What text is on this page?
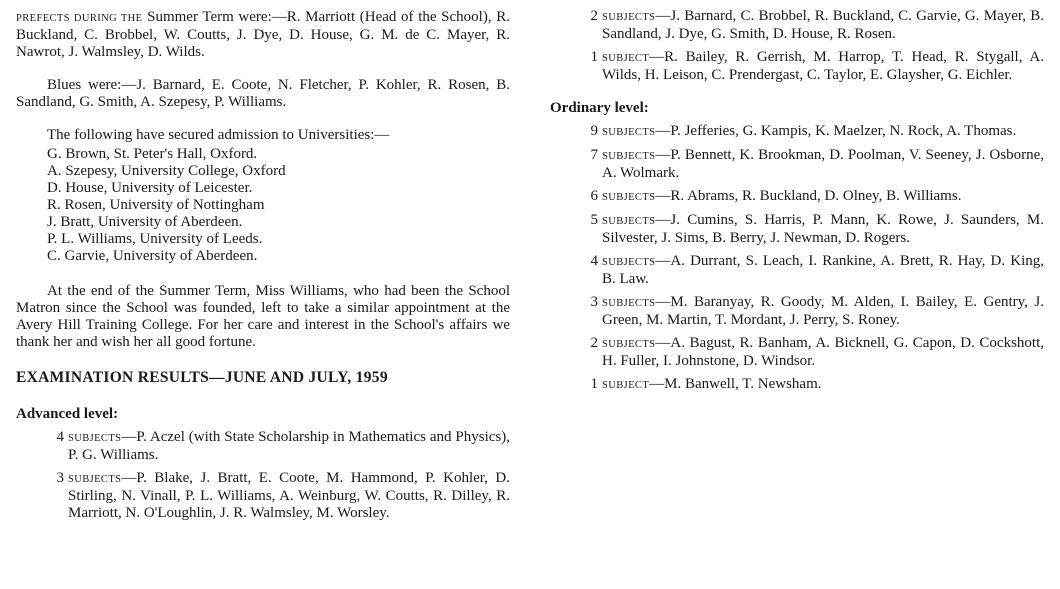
PREFECTS DURING THE Summer Term were:—R. Marriott (Head of the School), R. Buckland, C. Brobbel, W. Coutts, J. Dye, D. House, G. M. de C. Mayer, R. Nawrot, J. Walmsley, D. Wilds.

Blues were:—J. Barnard, E. Coote, N. Fletcher, P. Kohler, R. Rosen, B. Sandland, G. Smith, A. Szepesy, P. Williams.

The following have secured admission to Universities:—

G. Brown, St. Peter's Hall, Oxford.
A. Szepesy, University College, Oxford
D. House, University of Leicester.
R. Rosen, University of Nottingham
J. Bratt, University of Aberdeen.
P. L. Williams, University of Leeds.
C. Garvie, University of Aberdeen.

At the end of the Summer Term, Miss Williams, who had been the School Matron since the School was founded, left to take a similar appointment at the Avery Hill Training College. For her care and interest in the School's affairs we thank her and wish her all good fortune.

EXAMINATION RESULTS—JUNE AND JULY, 1959
Advanced level:
4 SUBJECTS—P. Aczel (with State Scholarship in Mathematics and Physics), P. G. Williams.
3 SUBJECTS—P. Blake, J. Bratt, E. Coote, M. Hammond, P. Kohler, D. Stirling, N. Vinall, P. L. Williams, A. Weinburg, W. Coutts, R. Dilley, R. Marriott, N. O'Loughlin, J. R. Walmsley, M. Worsley.
2 SUBJECTS—J. Barnard, C. Brobbel, R. Buckland, C. Garvie, G. Mayer, B. Sandland, J. Dye, G. Smith, D. House, R. Rosen.
1 SUBJECT—R. Bailey, R. Gerrish, M. Harrop, T. Head, R. Stygall, A. Wilds, H. Leison, C. Prendergast, C. Taylor, E. Glaysher, G. Eichler.
Ordinary level:
9 SUBJECTS—P. Jefferies, G. Kampis, K. Maelzer, N. Rock, A. Thomas.
7 SUBJECTS—P. Bennett, K. Brookman, D. Poolman, V. Seeney, J. Osborne, A. Wolmark.
6 SUBJECTS—R. Abrams, R. Buckland, D. Olney, B. Williams.
5 SUBJECTS—J. Cumins, S. Harris, P. Mann, K. Rowe, J. Saunders, M. Silvester, J. Sims, B. Berry, J. Newman, D. Rogers.
4 SUBJECTS—A. Durrant, S. Leach, I. Rankine, A. Brett, R. Hay, D. King, B. Law.
3 SUBJECTS—M. Baranyay, R. Goody, M. Alden, I. Bailey, E. Gentry, J. Green, M. Martin, T. Mordant, J. Perry, S. Roney.
2 SUBJECTS—A. Bagust, R. Banham, A. Bicknell, G. Capon, D. Cockshott, H. Fuller, I. Johnstone, D. Windsor.
1 SUBJECT—M. Banwell, T. Newsham.
